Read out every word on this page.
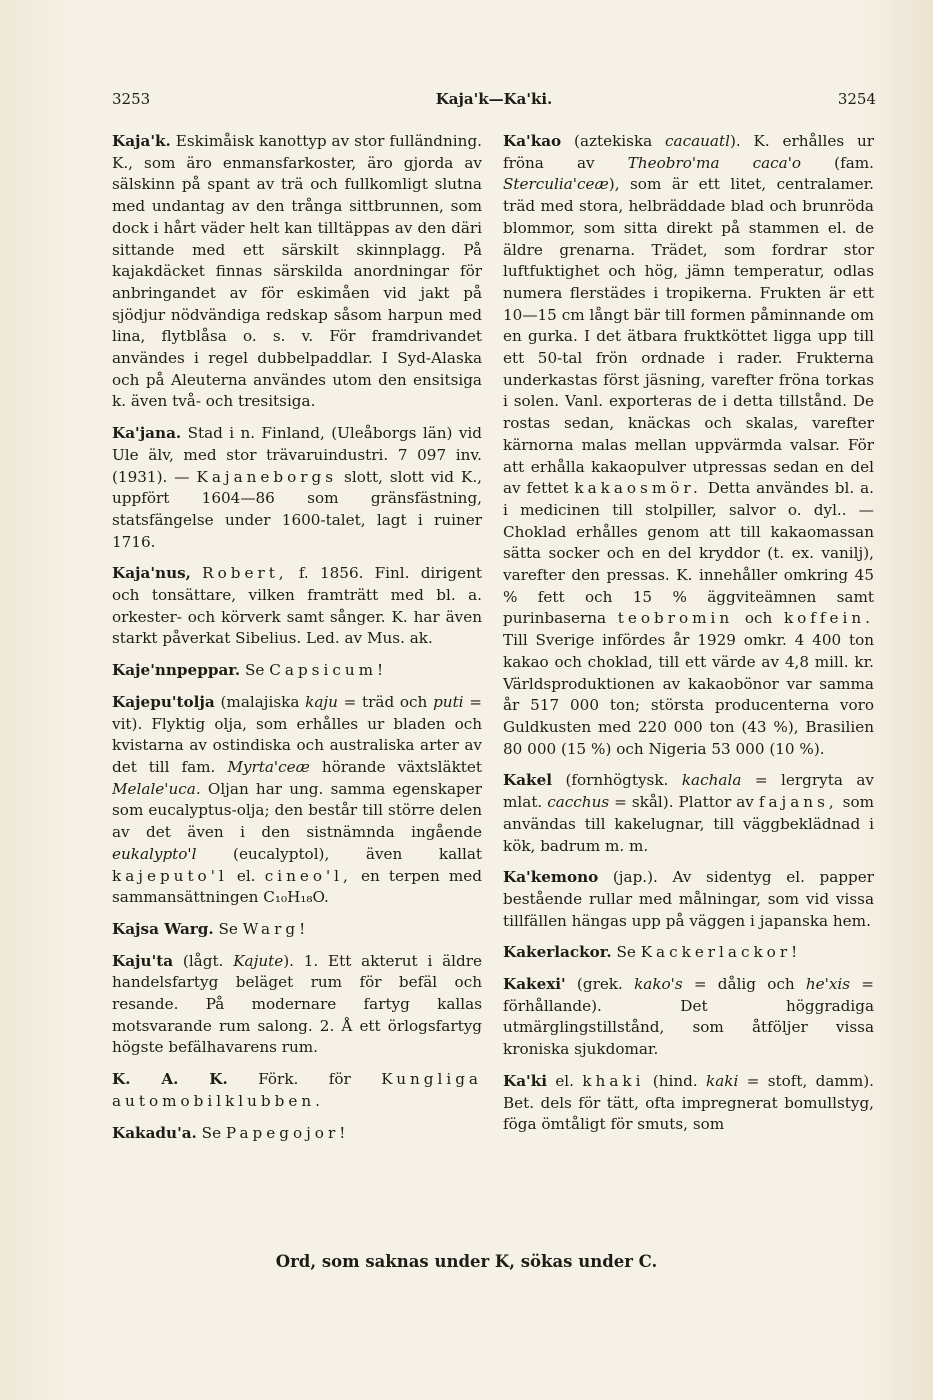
3253	Kaja'k—Ka'ki.	3254

Kaja'k. Eskimåisk kanottyp av stor fulländning. K., som äro enmansfarkoster, äro gjorda av sälskinn på spant av trä och fullkomligt slutna med undantag av den trånga sittbrunnen, som dock i hårt väder helt kan tilltäppas av den däri sittande med ett särskilt skinnplagg. På kajakdäcket finnas särskilda anordningar för anbringandet av för eskimåen vid jakt på sjödjur nödvändiga redskap såsom harpun med lina, flytblåsa o. s. v. För framdrivandet användes i regel dubbelpaddlar. I Syd-Alaska och på Aleuterna användes utom den ensitsiga k. även två- och tresitsiga.

Ka'jana. Stad i n. Finland, (Uleåborgs län) vid Ule älv, med stor trävaruindustri. 7 097 inv. (1931). — Kajaneborgs slott, slott vid K., uppfört 1604—86 som gränsfästning, statsfängelse under 1600-talet, lagt i ruiner 1716.

Kaja'nus, Robert, f. 1856. Finl. dirigent och tonsättare, vilken framträtt med bl. a. orkester- och körverk samt sånger. K. har även starkt påverkat Sibelius. Led. av Mus. ak.

Kaje'nnpeppar. Se Capsicum!

Kajepu'tolja (malajiska kaju = träd och puti = vit). Flyktig olja, som erhålles ur bladen och kvistarna av ostindiska och australiska arter av det till fam. Myrta'ceæ hörande växtsläktet Melale'uca. Oljan har ung. samma egenskaper som eucalyptus-olja; den består till större delen av det även i den sistnämnda ingående eukalypto'l (eucalyptol), även kallat kajeputo'l el. cineo'l, en terpen med sammansättningen C₁₀H₁₈O.

Kajsa Warg. Se Warg!

Kaju'ta (lågt. Kajute). 1. Ett akterut i äldre handelsfartyg beläget rum för befäl och resande. På modernare fartyg kallas motsvarande rum salong. 2. Å ett örlogsfartyg högste befälhavarens rum.

K. A. K. Förk. för Kungliga automobilklubben.

Kakadu'a. Se Papegojor!

Ka'kao (aztekiska cacauatl). K. erhålles ur fröna av Theobro'ma caca'o (fam. Sterculia'ceæ), som är ett litet, centralamer. träd med stora, helbräddade blad och brunröda blommor, som sitta direkt på stammen el. de äldre grenarna. Trädet, som fordrar stor luftfuktighet och hög, jämn temperatur, odlas numera flerstädes i tropikerna. Frukten är ett 10—15 cm långt bär till formen påminnande om en gurka. I det ätbara fruktköttet ligga upp till ett 50-tal frön ordnade i rader. Frukterna underkastas först jäsning, varefter fröna torkas i solen. Vanl. exporteras de i detta tillstånd. De rostas sedan, knäckas och skalas, varefter kärnorna malas mellan uppvärmda valsar. För att erhålla kakaopulver utpressas sedan en del av fettet kakaosmör. Detta användes bl. a. i medicinen till stolpiller, salvor o. dyl.. — Choklad erhålles genom att till kakaomassan sätta socker och en del kryddor (t. ex. vanilj), varefter den pressas. K. innehåller omkring 45 % fett och 15 % äggviteämnen samt purinbaserna teobromin och koffein. Till Sverige infördes år 1929 omkr. 4 400 ton kakao och choklad, till ett värde av 4,8 mill. kr. Världsproduktionen av kakaobönor var samma år 517 000 ton; största producenterna voro Guldkusten med 220 000 ton (43 %), Brasilien 80 000 (15 %) och Nigeria 53 000 (10 %).

Kakel (fornhögtysk. kachala = lergryta av mlat. cacchus = skål). Plattor av fajans, som användas till kakelugnar, till väggbeklädnad i kök, badrum m. m.

Ka'kemono (jap.). Av sidentyg el. papper bestående rullar med målningar, som vid vissa tillfällen hängas upp på väggen i japanska hem.

Kakerlackor. Se Kackerlackor!

Kakexi' (grek. kako's = dålig och he'xis = förhållande). Det höggradiga utmärglingstillstånd, som åtföljer vissa kroniska sjukdomar.

Ka'ki el. khaki (hind. kaki = stoft, damm). Bet. dels för tätt, ofta impregnerat bomullstyg, föga ömtåligt för smuts, som

Ord, som saknas under K, sökas under C.
